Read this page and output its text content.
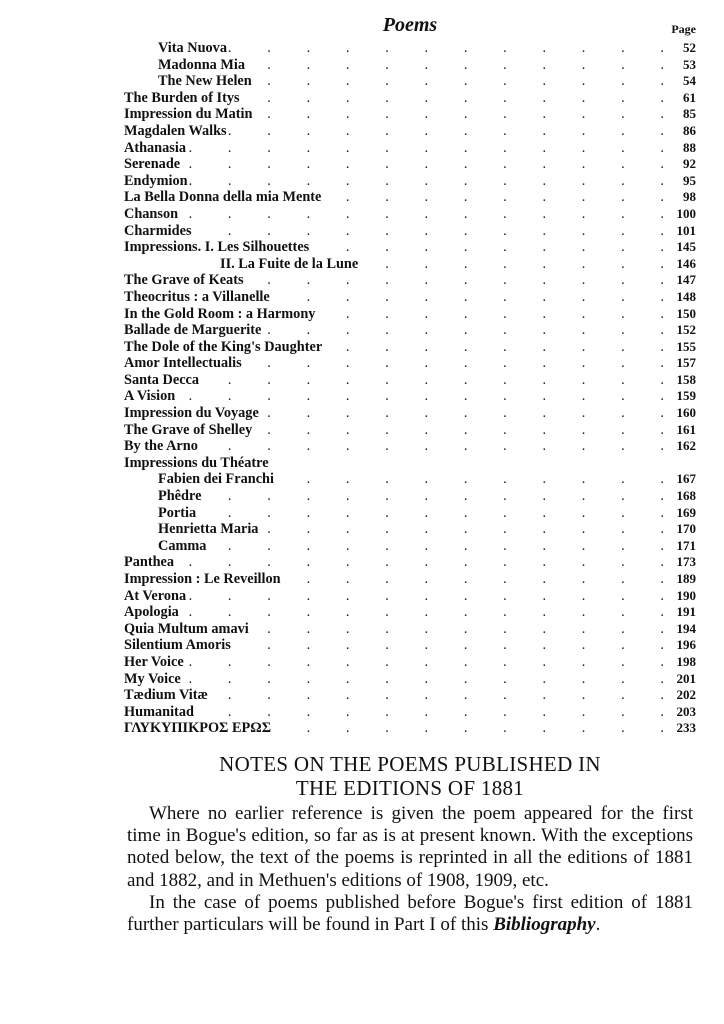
Poems	Page
Vita Nuova .	52
Madonna Mia .	53
The New Helen .	54
The Burden of Itys .	61
Impression du Matin .	85
Magdalen Walks .	86
Athanasia .	88
Serenade .	92
Endymion .	95
La Bella Donna della mia Mente .	98
Chanson .	100
Charmides .	101
Impressions. I. Les Silhouettes .	145
II. La Fuite de la Lune .	146
The Grave of Keats .	147
Theocritus : a Villanelle .	148
In the Gold Room : a Harmony .	150
Ballade de Marguerite .	152
The Dole of the King's Daughter .	155
Amor Intellectualis .	157
Santa Decca .	158
A Vision .	159
Impression du Voyage .	160
The Grave of Shelley .	161
By the Arno .	162
Impressions du Théatre
Fabien dei Franchi .	167
Phêdre .	168
Portia .	169
Henrietta Maria .	170
Camma .	171
Panthea .	173
Impression : Le Reveillon .	189
At Verona .	190
Apologia .	191
Quia Multum amavi .	194
Silentium Amoris .	196
Her Voice .	198
My Voice .	201
Tædium Vitæ .	202
Humanitad .	203
ΓΛΥΚΥΠΙΚΡΟΣ ΕΡΩΣ .	233
NOTES ON THE POEMS PUBLISHED IN
THE EDITIONS OF 1881

Where no earlier reference is given the poem appeared for the first time in Bogue's edition, so far as is at present known. With the exceptions noted below, the text of the poems is reprinted in all the editions of 1881 and 1882, and in Methuen's editions of 1908, 1909, etc.

In the case of poems published before Bogue's first edition of 1881 further particulars will be found in Part I of this Bibliography.
